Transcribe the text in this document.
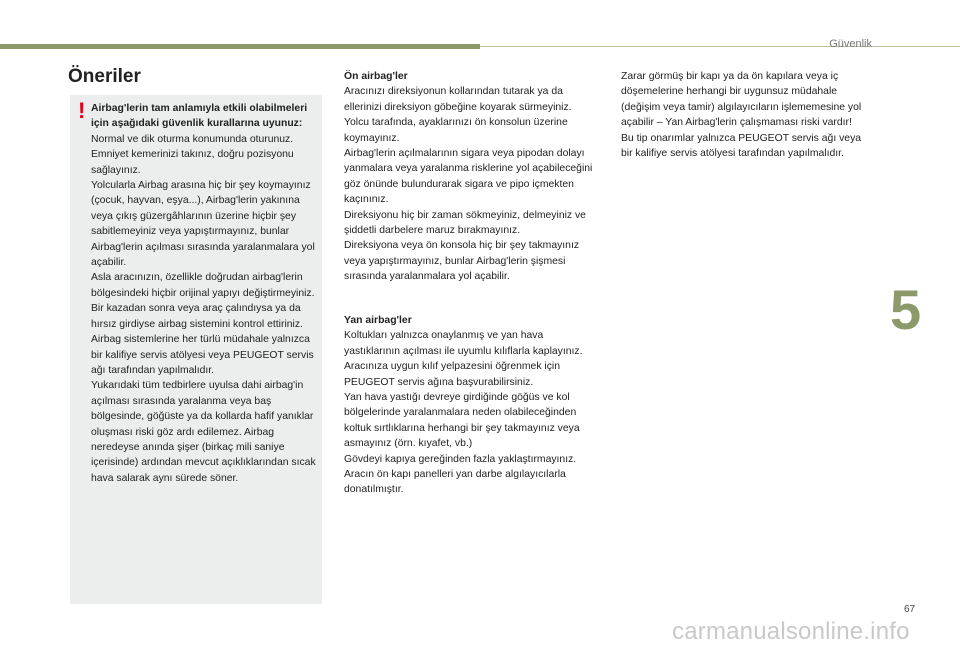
Güvenlik
5
Öneriler
! Airbag'lerin tam anlamıyla etkili olabilmeleri için aşağıdaki güvenlik kurallarına uyunuz:
Normal ve dik oturma konumunda oturunuz.
Emniyet kemerinizi takınız, doğru pozisyonu sağlayınız.
Yolcularla Airbag arasına hiç bir şey koymayınız (çocuk, hayvan, eşya...), Airbag'lerin yakınına veya çıkış güzergâhlarının üzerine hiçbir şey sabitlemeyiniz veya yapıştırmayınız, bunlar Airbag'lerin açılması sırasında yaralanmalara yol açabilir.
Asla aracınızın, özellikle doğrudan airbag'lerin bölgesindeki hiçbir orijinal yapıyı değiştirmeyiniz.
Bir kazadan sonra veya araç çalındıysa ya da hırsız girdiyse airbag sistemini kontrol ettiriniz.
Airbag sistemlerine her türlü müdahale yalnızca bir kalifiye servis atölyesi veya PEUGEOT servis ağı tarafından yapılmalıdır.
Yukarıdaki tüm tedbirlere uyulsa dahi airbag'in açılması sırasında yaralanma veya baş bölgesinde, göğüste ya da kollarda hafif yanıklar oluşması riski göz ardı edilemez. Airbag neredeyse anında şişer (birkaç mili saniye içerisinde) ardından mevcut açıklıklarından sıcak hava salarak aynı sürede söner.
Ön airbag'ler
Aracınızı direksiyonun kollarından tutarak ya da ellerinizi direksiyon göbeğine koyarak sürmeyiniz.
Yolcu tarafında, ayaklarınızı ön konsolun üzerine koymayınız.
Airbag'lerin açılmalarının sigara veya pipodan dolayı yanmalara veya yaralanma risklerine yol açabileceğini göz önünde bulundurarak sigara ve pipo içmekten kaçınınız.
Direksiyonu hiç bir zaman sökmeyiniz, delmeyiniz ve şiddetli darbelere maruz bırakmayınız.
Direksiyona veya ön konsola hiç bir şey takmayınız veya yapıştırmayınız, bunlar Airbag'lerin şişmesi sırasında yaralanmalara yol açabilir.
Yan airbag'ler
Koltukları yalnızca onaylanmış ve yan hava yastıklarının açılması ile uyumlu kılıflarla kaplayınız. Aracınıza uygun kılıf yelpazesini öğrenmek için PEUGEOT servis ağına başvurabilirsiniz.
Yan hava yastığı devreye girdiğinde göğüs ve kol bölgelerinde yaralanmalara neden olabileceğinden koltuk sırtlıklarına herhangi bir şey takmayınız veya asmayınız (örn. kıyafet, vb.)
Gövdeyi kapıya gereğinden fazla yaklaştırmayınız.
Aracın ön kapı panelleri yan darbe algılayıcılarla donatılmıştır.
Zarar görmüş bir kapı ya da ön kapılara veya iç döşemelerine herhangi bir uygunsuz müdahale (değişim veya tamir) algılayıcıların işlememesine yol açabilir – Yan Airbag'lerin çalışmaması riski vardır!
Bu tip onarımlar yalnızca PEUGEOT servis ağı veya bir kalifiye servis atölyesi tarafından yapılmalıdır.
67
carmanualsonline.info
